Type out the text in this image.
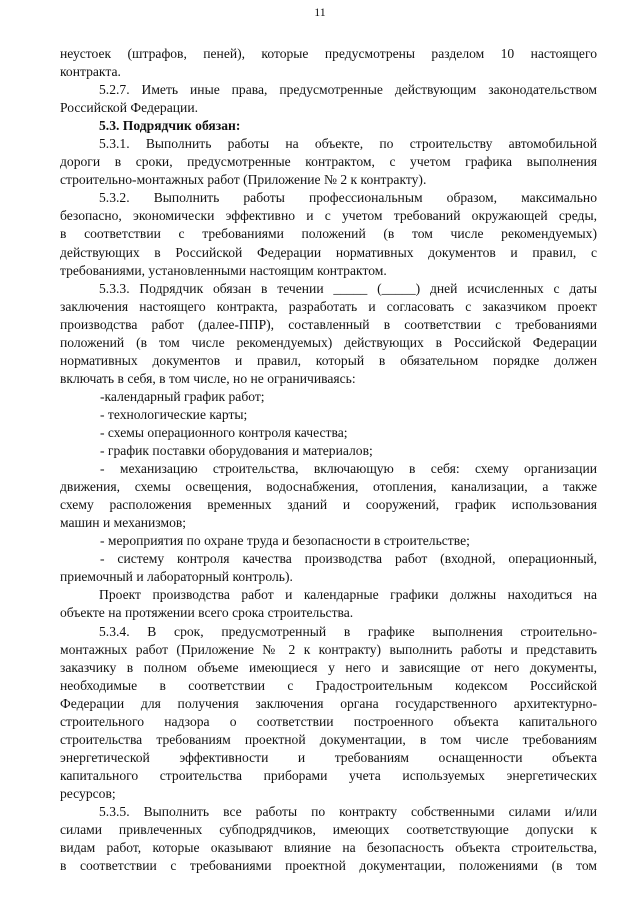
11
неустоек (штрафов, пеней), которые предусмотрены разделом 10 настоящего
контракта.
5.2.7. Иметь иные права, предусмотренные действующим законодательством
Российской Федерации.
5.3. Подрядчик обязан:
5.3.1. Выполнить работы на объекте, по строительству автомобильной
дороги в сроки, предусмотренные контрактом, с учетом графика выполнения
строительно-монтажных работ (Приложение № 2 к контракту).
5.3.2. Выполнить работы профессиональным образом, максимально
безопасно, экономически эффективно и с учетом требований окружающей среды,
в соответствии с требованиями положений (в том числе рекомендуемых)
действующих в Российской Федерации нормативных документов и правил, с
требованиями, установленными настоящим контрактом.
5.3.3. Подрядчик обязан в течении _____ (_____) дней исчисленных с даты
заключения настоящего контракта, разработать и согласовать с заказчиком проект
производства работ (далее-ППР), составленный в соответствии с требованиями
положений (в том числе рекомендуемых) действующих в Российской Федерации
нормативных документов и правил, который в обязательном порядке должен
включать в себя, в том числе, но не ограничиваясь:
-календарный график работ;
- технологические карты;
- схемы операционного контроля качества;
- график поставки оборудования и материалов;
- механизацию строительства, включающую в себя: схему организации
движения, схемы освещения, водоснабжения, отопления, канализации, а также
схему расположения временных зданий и сооружений, график использования
машин и механизмов;
- мероприятия по охране труда и безопасности в строительстве;
- систему контроля качества производства работ (входной, операционный,
приемочный и лабораторный контроль).
Проект производства работ и календарные графики должны находиться на
объекте на протяжении всего срока строительства.
5.3.4. В срок, предусмотренный в графике выполнения строительно-
монтажных работ (Приложение № 2 к контракту) выполнить работы и представить
заказчику в полном объеме имеющиеся у него и зависящие от него документы,
необходимые в соответствии с Градостроительным кодексом Российской
Федерации для получения заключения органа государственного архитектурно-
строительного надзора о соответствии построенного объекта капитального
строительства требованиям проектной документации, в том числе требованиям
энергетической эффективности и требованиям оснащенности объекта
капитального строительства приборами учета используемых энергетических
ресурсов;
5.3.5. Выполнить все работы по контракту собственными силами и/или
силами привлеченных субподрядчиков, имеющих соответствующие допуски к
видам работ, которые оказывают влияние на безопасность объекта строительства,
в соответствии с требованиями проектной документации, положениями (в том
